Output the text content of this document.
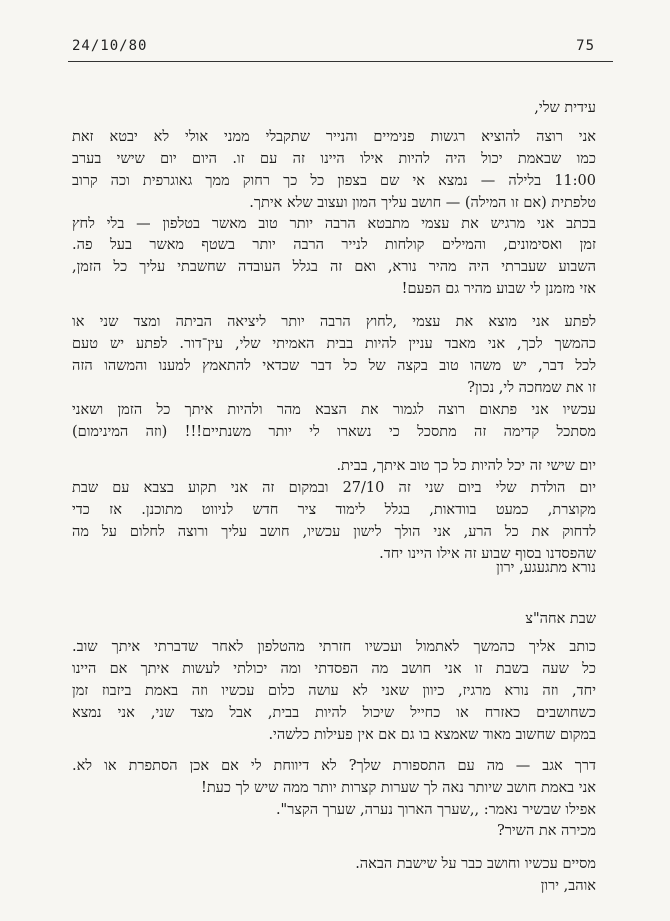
24/10/80	75
עידית שלי,
אני רוצה להוציא רגשות פנימיים והנייר שתקבלי ממני אולי לא יבטא זאת
כמו שבאמת יכול היה להיות אילו היינו זה עם זו. היום יום שישי בערב
11:00 בלילה — נמצא אי שם בצפון כל כך רחוק ממך גאוגרפית וכה קרוב
טלפתית (אם זו המילה) — חושב עליך המון ועצוב שלא איתך.
בכתב אני מרגיש את עצמי מתבטא הרבה יותר טוב מאשר בטלפון — בלי לחץ
זמן ואסימונים, והמילים קולחות לנייר הרבה יותר בשטף מאשר בעל פה.
השבוע שעברתי היה מהיר נורא, ואם זה בגלל העובדה שחשבתי עליך כל הזמן,
אזי מזמנן לי שבוע מהיר גם הפעם!
לפתע אני מוצא את עצמי ,לחוץ הרבה יותר ליציאה הביתה ומצד שני או
כהמשך לכך, אני מאבד עניין להיות בבית האמיתי שלי, עין־דור. לפתע יש טעם
לכל דבר, יש משהו טוב בקצה של כל דבר שכדאי להתאמץ למענו והמשהו הזה
זו את שמחכה לי, נכון?
עכשיו אני פתאום רוצה לגמור את הצבא מהר ולהיות איתך כל הזמן ושאני
מסתכל קדימה זה מתסכל כי נשארו לי יותר משנתיים!!! (וזה המינימום)
יום שישי זה יכל להיות כל כך טוב איתך, בבית.
יום הולדת שלי ביום שני זה 27/10 ובמקום זה אני תקוע בצבא עם שבת
מקוצרת, כמעט בוודאות, בגלל לימוד ציר חדש לניווט מתוכנן. אז כדי
לדחוק את כל הרע, אני הולך לישון עכשיו, חושב עליך ורוצה לחלום על מה
שהפסדנו בסוף שבוע זה אילו היינו יחד.
נורא מתגעגע, ירון
שבת אחה"צ
כותב אליך כהמשך לאתמול ועכשיו חזרתי מהטלפון לאחר שדברתי איתך שוב.
כל שעה בשבת זו אני חושב מה הפסדתי ומה יכולתי לעשות איתך אם היינו
יחד, וזה נורא מרגיז, כיוון שאני לא עושה כלום עכשיו וזה באמת ביזבוז זמן
כשחושבים כאזרח או כחייל שיכול להיות בבית, אבל מצד שני, אני נמצא
במקום שחשוב מאוד שאמצא בו גם אם אין פעילות כלשהי.
דרך אגב — מה עם התספורת שלך? לא דיווחת לי אם אכן הסתפרת או לא.
אני באמת חושב שיותר נאה לך שערות קצרות יותר ממה שיש לך כעת!
אפילו שבשיר נאמר: ,,שערך הארוך נערה, שערך הקצר".
מכירה את השיר?
מסיים עכשיו וחושב כבר על שישבת הבאה.
אוהב, ירון
